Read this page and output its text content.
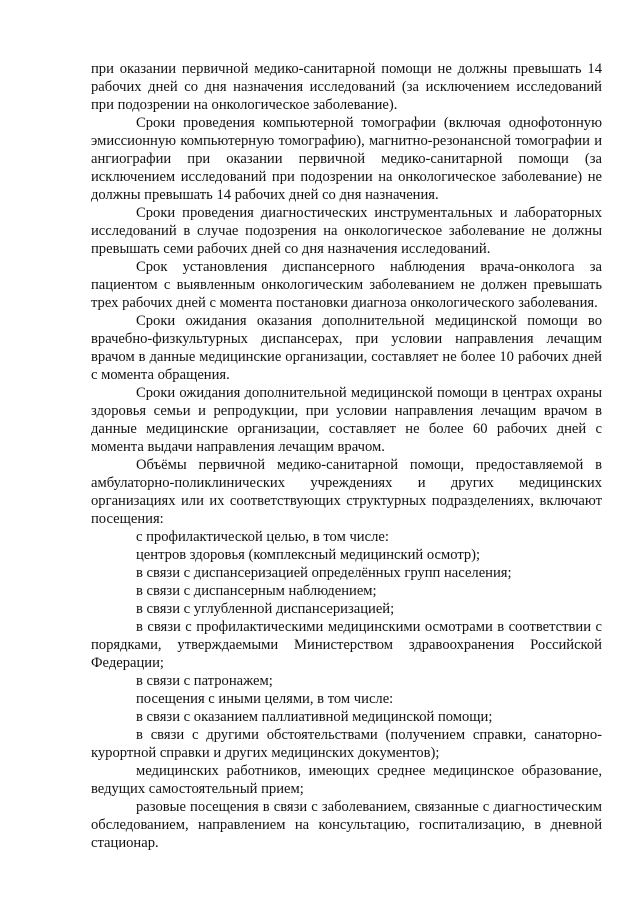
при оказании первичной медико-санитарной помощи не должны превышать 14 рабочих дней со дня назначения исследований (за исключением исследований при подозрении на онкологическое заболевание).

Сроки проведения компьютерной томографии (включая однофотонную эмиссионную компьютерную томографию), магнитно-резонансной томографии и ангиографии при оказании первичной медико-санитарной помощи (за исключением исследований при подозрении на онкологическое заболевание) не должны превышать 14 рабочих дней со дня назначения.

Сроки проведения диагностических инструментальных и лабораторных исследований в случае подозрения на онкологическое заболевание не должны превышать семи рабочих дней со дня назначения исследований.

Срок установления диспансерного наблюдения врача-онколога за пациентом с выявленным онкологическим заболеванием не должен превышать трех рабочих дней с момента постановки диагноза онкологического заболевания.

Сроки ожидания оказания дополнительной медицинской помощи во врачебно-физкультурных диспансерах, при условии направления лечащим врачом в данные медицинские организации, составляет не более 10 рабочих дней с момента обращения.

Сроки ожидания дополнительной медицинской помощи в центрах охраны здоровья семьи и репродукции, при условии направления лечащим врачом в данные медицинские организации, составляет не более 60 рабочих дней с момента выдачи направления лечащим врачом.

Объёмы первичной медико-санитарной помощи, предоставляемой в амбулаторно-поликлинических учреждениях и других медицинских организациях или их соответствующих структурных подразделениях, включают посещения:

с профилактической целью, в том числе:

центров здоровья (комплексный медицинский осмотр);

в связи с диспансеризацией определённых групп населения;

в связи с диспансерным наблюдением;

в связи с углубленной диспансеризацией;

в связи с профилактическими медицинскими осмотрами в соответствии с порядками, утверждаемыми Министерством здравоохранения Российской Федерации;

в связи с патронажем;

посещения с иными целями, в том числе:

в связи с оказанием паллиативной медицинской помощи;

в связи с другими обстоятельствами (получением справки, санаторно-курортной справки и других медицинских документов);

медицинских работников, имеющих среднее медицинское образование, ведущих самостоятельный прием;

разовые посещения в связи с заболеванием, связанные с диагностическим обследованием, направлением на консультацию, госпитализацию, в дневной стационар.
